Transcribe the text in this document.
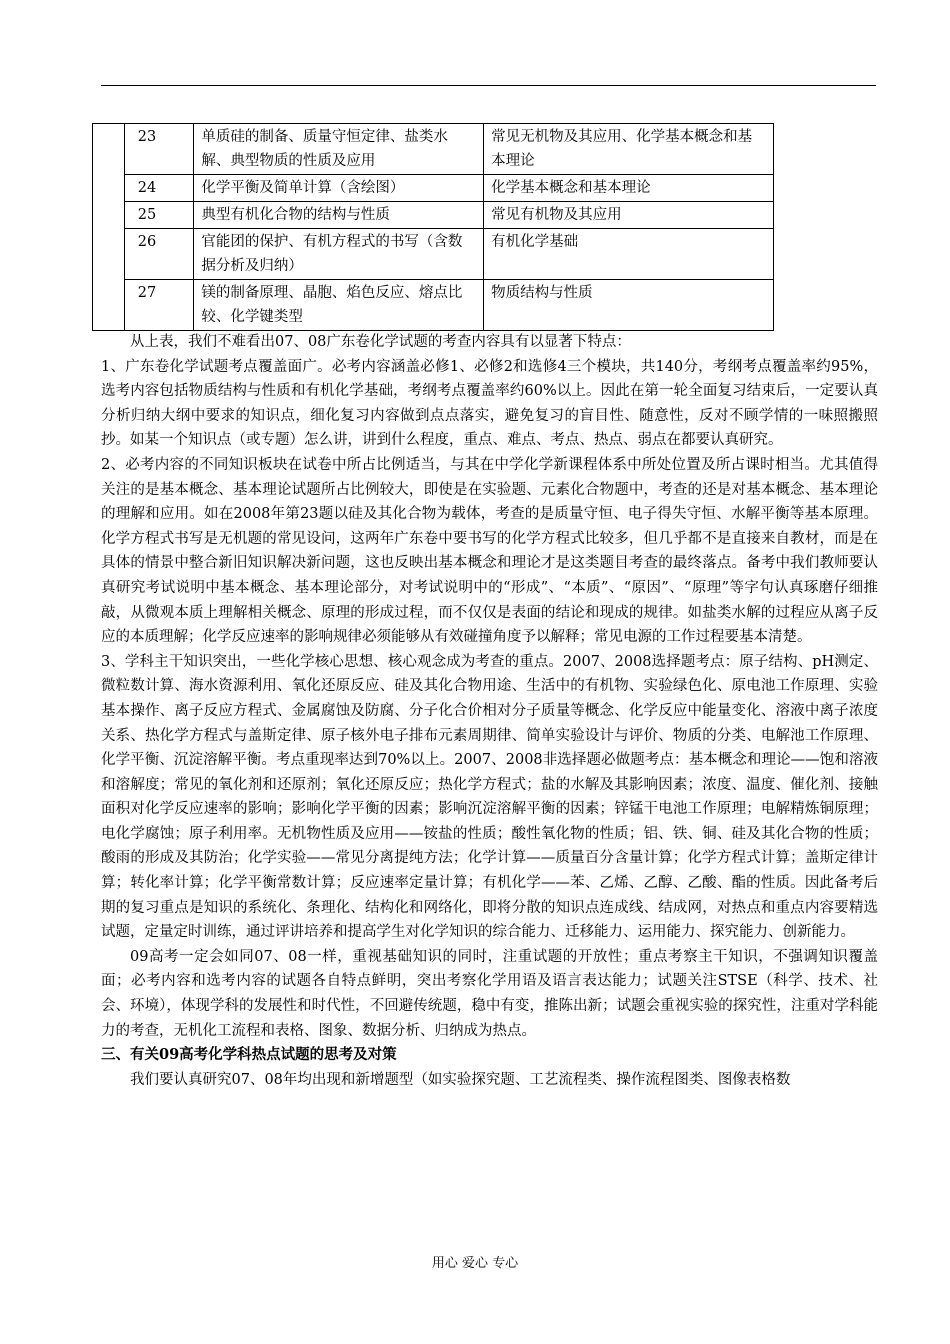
	23	单质硅的制备、质量守恒定律、盐类水解、典型物质的性质及应用	常见无机物及其应用、化学基本概念和基本理论
	24	化学平衡及简单计算（含绘图）	化学基本概念和基本理论
	25	典型有机化合物的结构与性质	常见有机物及其应用
	26	官能团的保护、有机方程式的书写（含数据分析及归纳）	有机化学基础
	27	镁的制备原理、晶胞、焰色反应、熔点比较、化学键类型	物质结构与性质

从上表，我们不难看出07、08广东卷化学试题的考查内容具有以显著下特点：

1、广东卷化学试题考点覆盖面广。必考内容涵盖必修1、必修2和选修4三个模块，共140分，考纲考点覆盖率约95%，选考内容包括物质结构与性质和有机化学基础，考纲考点覆盖率约60%以上。因此在第一轮全面复习结束后，一定要认真分析归纳大纲中要求的知识点，细化复习内容做到点点落实，避免复习的盲目性、随意性，反对不顾学情的一味照搬照抄。如某一个知识点（或专题）怎么讲，讲到什么程度，重点、难点、考点、热点、弱点在都要认真研究。

2、必考内容的不同知识板块在试卷中所占比例适当，与其在中学化学新课程体系中所处位置及所占课时相当。尤其值得关注的是基本概念、基本理论试题所占比例较大，即使是在实验题、元素化合物题中，考查的还是对基本概念、基本理论的理解和应用。如在2008年第23题以硅及其化合物为载体，考查的是质量守恒、电子得失守恒、水解平衡等基本原理。化学方程式书写是无机题的常见设问，这两年广东卷中要书写的化学方程式比较多，但几乎都不是直接来自教材，而是在具体的情景中整合新旧知识解决新问题，这也反映出基本概念和理论才是这类题目考查的最终落点。备考中我们教师要认真研究考试说明中基本概念、基本理论部分，对考试说明中的“形成”、“本质”、“原因”、“原理”等字句认真琢磨仔细推敲，从微观本质上理解相关概念、原理的形成过程，而不仅仅是表面的结论和现成的规律。如盐类水解的过程应从离子反应的本质理解；化学反应速率的影响规律必须能够从有效碰撞角度予以解释；常见电源的工作过程要基本清楚。

3、学科主干知识突出，一些化学核心思想、核心观念成为考查的重点。2007、2008选择题考点：原子结构、pH测定、微粒数计算、海水资源利用、氧化还原反应、硅及其化合物用途、生活中的有机物、实验绿色化、原电池工作原理、实验基本操作、离子反应方程式、金属腐蚀及防腐、分子化合价相对分子质量等概念、化学反应中能量变化、溶液中离子浓度关系、热化学方程式与盖斯定律、原子核外电子排布元素周期律、简单实验设计与评价、物质的分类、电解池工作原理、化学平衡、沉淀溶解平衡。考点重现率达到70%以上。2007、2008非选择题必做题考点：基本概念和理论——饱和溶液和溶解度；常见的氧化剂和还原剂；氧化还原反应；热化学方程式；盐的水解及其影响因素；浓度、温度、催化剂、接触面积对化学反应速率的影响；影响化学平衡的因素；影响沉淀溶解平衡的因素；锌锰干电池工作原理；电解精炼铜原理；电化学腐蚀；原子利用率。无机物性质及应用——铵盐的性质；酸性氧化物的性质；铝、铁、铜、硅及其化合物的性质；酸雨的形成及其防治；化学实验——常见分离提纯方法；化学计算——质量百分含量计算；化学方程式计算；盖斯定律计算；转化率计算；化学平衡常数计算；反应速率定量计算；有机化学——苯、乙烯、乙醇、乙酸、酯的性质。因此备考后期的复习重点是知识的系统化、条理化、结构化和网络化，即将分散的知识点连成线、结成网，对热点和重点内容要精选试题，定量定时训练，通过评讲培养和提高学生对化学知识的综合能力、迁移能力、运用能力、探究能力、创新能力。

09高考一定会如同07、08一样，重视基础知识的同时，注重试题的开放性；重点考察主干知识，不强调知识覆盖面；必考内容和选考内容的试题各自特点鲜明，突出考察化学用语及语言表达能力；试题关注STSE（科学、技术、社会、环境），体现学科的发展性和时代性，不回避传统题，稳中有变，推陈出新；试题会重视实验的探究性，注重对学科能力的考查，无机化工流程和表格、图象、数据分析、归纳成为热点。

三、有关09高考化学科热点试题的思考及对策

我们要认真研究07、08年均出现和新增题型（如实验探究题、工艺流程类、操作流程图类、图像表格数

用心 爱心 专心
